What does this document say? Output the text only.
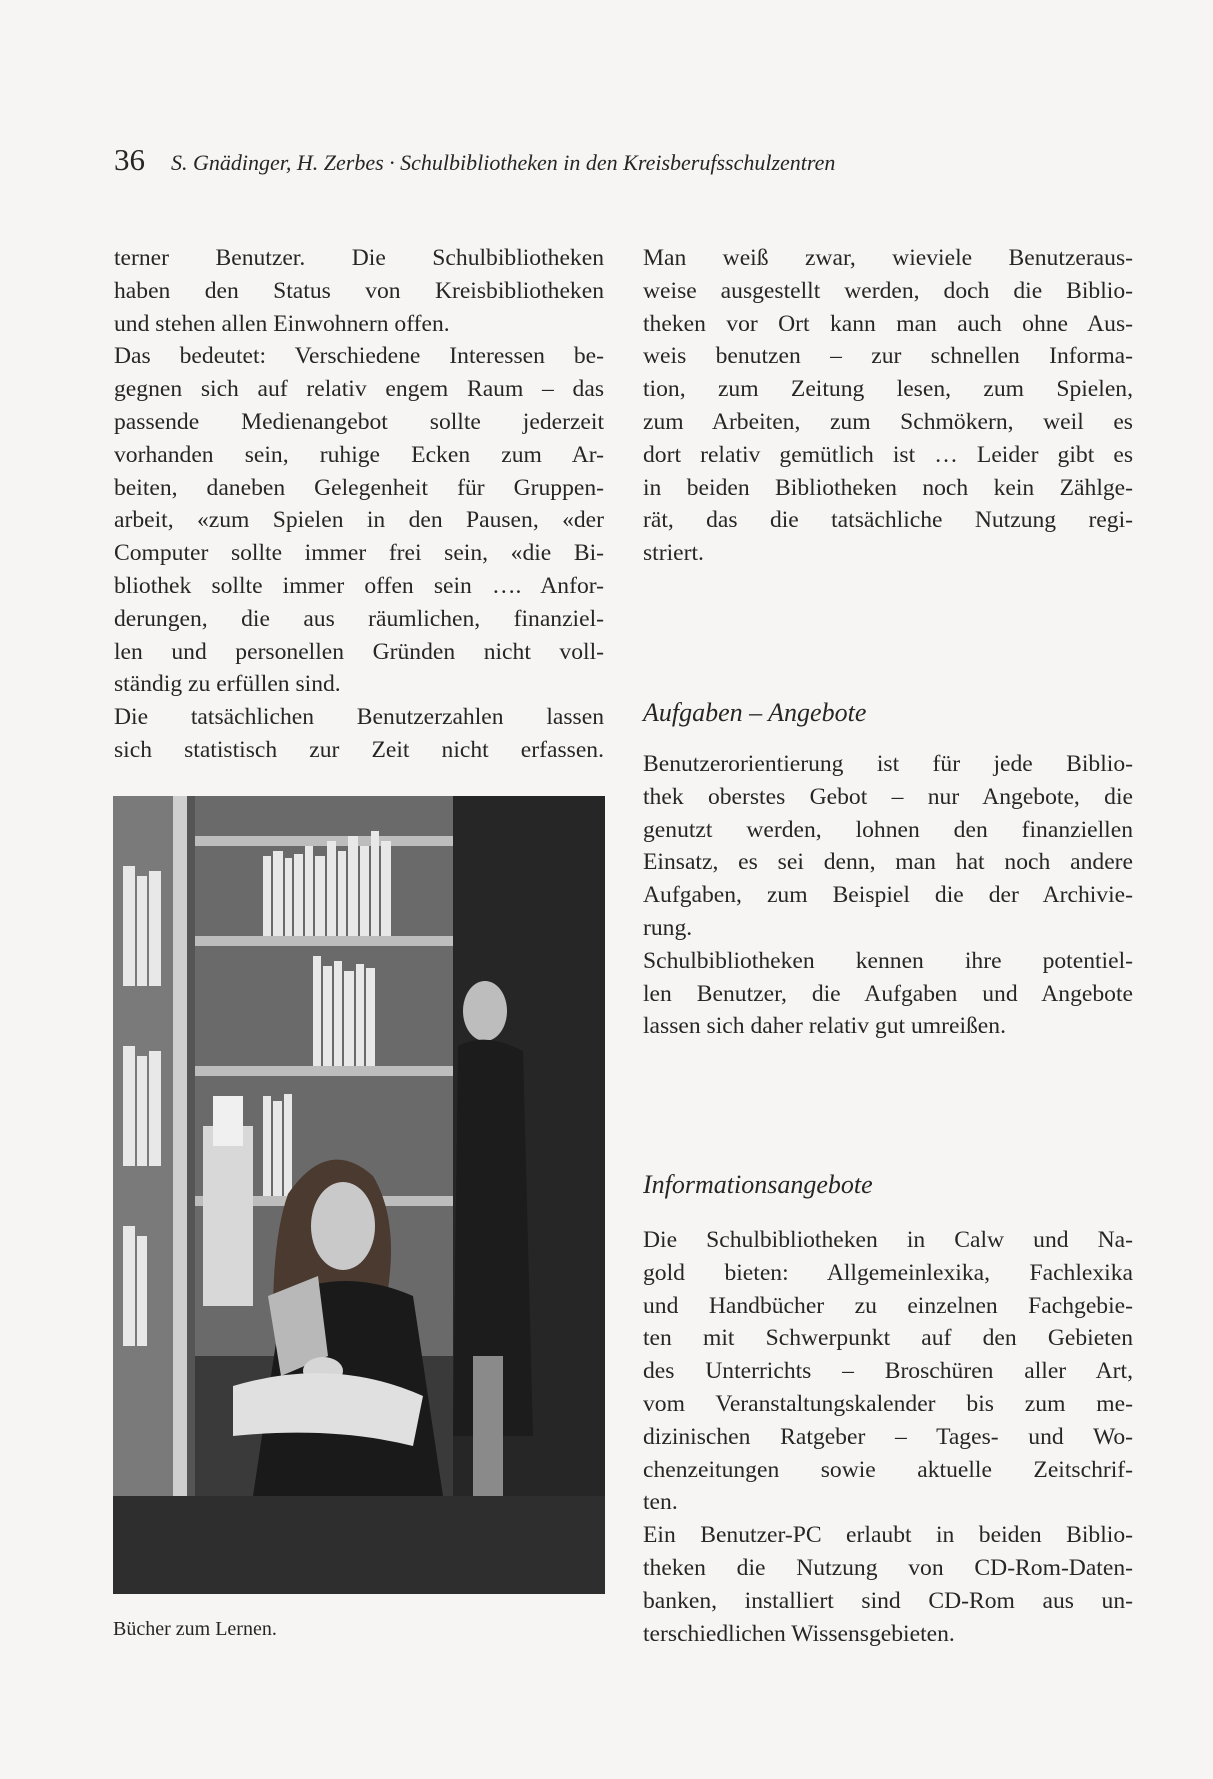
36 S. Gnädinger, H. Zerbes · Schulbibliotheken in den Kreisberufsschulzentren

terner Benutzer. Die Schulbibliotheken
haben den Status von Kreisbibliotheken
und stehen allen Einwohnern offen.

Das bedeutet: Verschiedene Interessen be-
gegnen sich auf relativ engem Raum – das
passende Medienangebot sollte jederzeit
vorhanden sein, ruhige Ecken zum Ar-
beiten, daneben Gelegenheit für Gruppen-
arbeit, «zum Spielen in den Pausen, «der
Computer sollte immer frei sein, «die Bi-
bliothek sollte immer offen sein …. Anfor-
derungen, die aus räumlichen, finanziel-
len und personellen Gründen nicht voll-
ständig zu erfüllen sind.

Die tatsächlichen Benutzerzahlen lassen
sich statistisch zur Zeit nicht erfassen.

Bücher zum Lernen.

Man weiß zwar, wieviele Benutzeraus-
weise ausgestellt werden, doch die Biblio-
theken vor Ort kann man auch ohne Aus-
weis benutzen – zur schnellen Informa-
tion, zum Zeitung lesen, zum Spielen,
zum Arbeiten, zum Schmökern, weil es
dort relativ gemütlich ist … Leider gibt es
in beiden Bibliotheken noch kein Zählge-
rät, das die tatsächliche Nutzung regi-
striert.

Aufgaben – Angebote

Benutzerorientierung ist für jede Biblio-
thek oberstes Gebot – nur Angebote, die
genutzt werden, lohnen den finanziellen
Einsatz, es sei denn, man hat noch andere
Aufgaben, zum Beispiel die der Archivie-
rung.

Schulbibliotheken kennen ihre potentiel-
len Benutzer, die Aufgaben und Angebote
lassen sich daher relativ gut umreißen.

Informationsangebote

Die Schulbibliotheken in Calw und Na-
gold bieten: Allgemeinlexika, Fachlexika
und Handbücher zu einzelnen Fachgebie-
ten mit Schwerpunkt auf den Gebieten
des Unterrichts – Broschüren aller Art,
vom Veranstaltungskalender bis zum me-
dizinischen Ratgeber – Tages- und Wo-
chenzeitungen sowie aktuelle Zeitschrif-
ten.

Ein Benutzer-PC erlaubt in beiden Biblio-
theken die Nutzung von CD-Rom-Daten-
banken, installiert sind CD-Rom aus un-
terschiedlichen Wissensgebieten.
